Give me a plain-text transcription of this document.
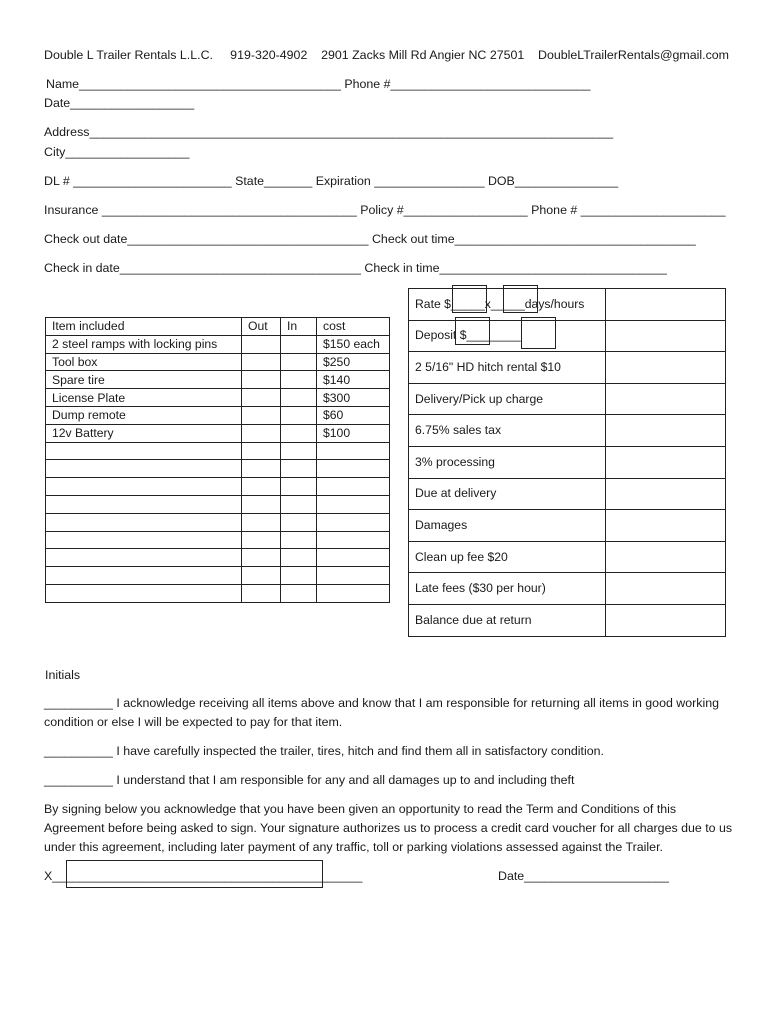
Double L Trailer Rentals L.L.C.     919-320-4902    2901 Zacks Mill Rd Angier NC 27501    DoubleLTrailerRentals@gmail.com
Name______________________________________ Phone #_____________________________
Date__________________
Address____________________________________________________________________________
City__________________
DL # _______________________ State_______ Expiration ________________ DOB_______________
Insurance _____________________________________ Policy #__________________ Phone # _____________________
Check out date___________________________________ Check out time___________________________________
Check in date___________________________________ Check in time_________________________________
Item included	Out	In	cost
2 steel ramps with locking pins			$150 each
Tool box			$250
Spare tire			$140
License Plate			$300
Dump remote			$60
12v Battery			$100

Rate $_____x_____days/hours

Deposit $________

2 5/16" HD hitch rental $10	
Delivery/Pick up charge	
6.75% sales tax	
3% processing	
Due at delivery	
Damages	
Clean up fee $20	
Late fees ($30 per hour)	
Balance due at return	
Initials
__________ I acknowledge receiving all items above and know that I am responsible for returning all items in good working condition or else I will be expected to pay for that item.
__________ I have carefully inspected the trailer, tires, hitch and find them all in satisfactory condition.
__________ I understand that I am responsible for any and all damages up to and including theft
By signing below you acknowledge that you have been given an opportunity to read the Term and Conditions of this Agreement before being asked to sign. Your signature authorizes us to process a credit card voucher for all charges due to us under this agreement, including later payment of any traffic, toll or parking violations assessed against the Trailer.
X_____________________________________________	Date_____________________
